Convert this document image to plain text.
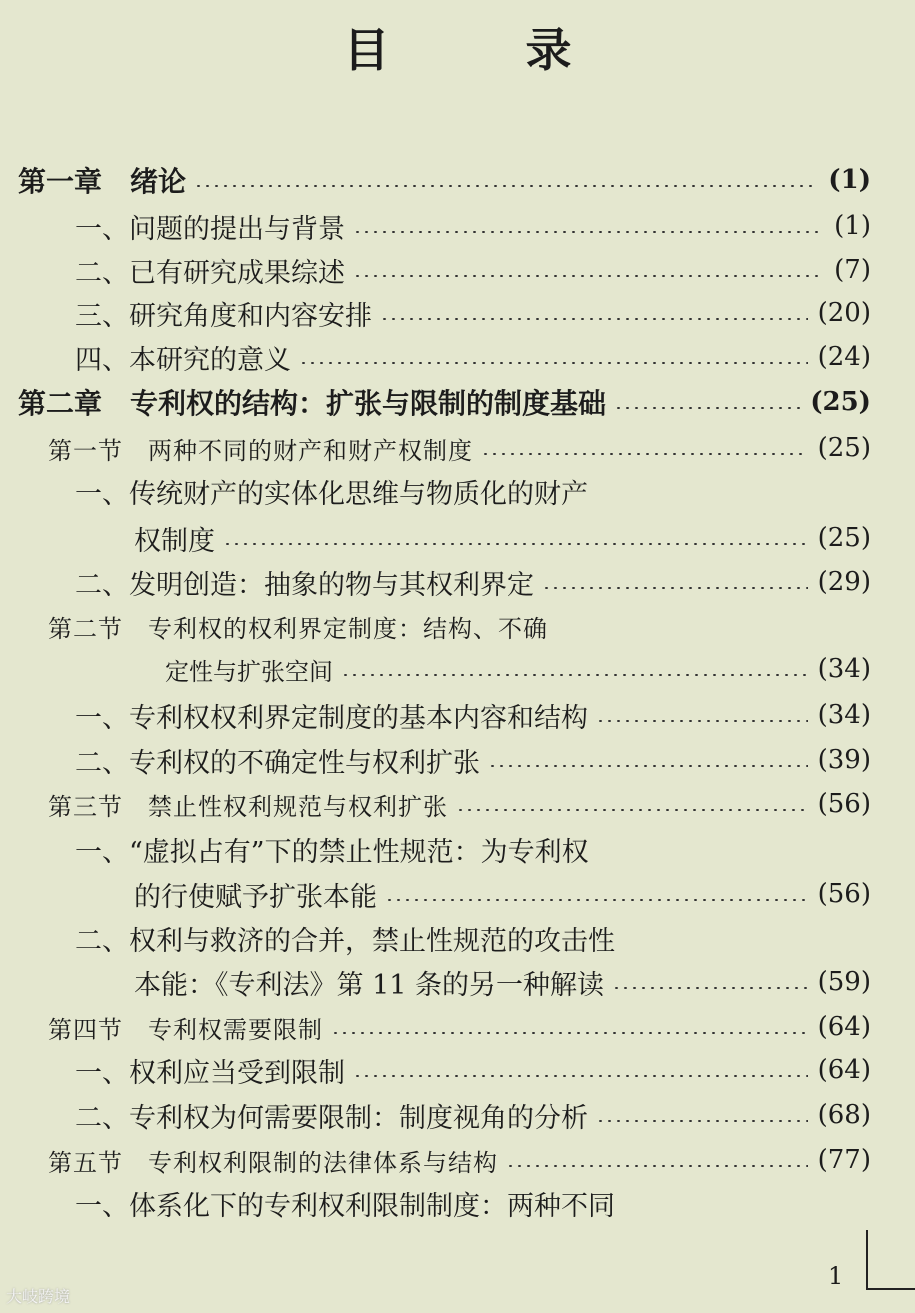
目 录
第一章　绪论	(1)
一、问题的提出与背景	(1)
二、已有研究成果综述	(7)
三、研究角度和内容安排	(20)
四、本研究的意义	(24)
第二章　专利权的结构：扩张与限制的制度基础	(25)
第一节　两种不同的财产和财产权制度	(25)
一、传统财产的实体化思维与物质化的财产
权制度	(25)
二、发明创造：抽象的物与其权利界定	(29)
第二节　专利权的权利界定制度：结构、不确
定性与扩张空间	(34)
一、专利权权利界定制度的基本内容和结构	(34)
二、专利权的不确定性与权利扩张	(39)
第三节　禁止性权利规范与权利扩张	(56)
一、“虚拟占有”下的禁止性规范：为专利权
的行使赋予扩张本能	(56)
二、权利与救济的合并，禁止性规范的攻击性
本能：《专利法》第 11 条的另一种解读	(59)
第四节　专利权需要限制	(64)
一、权利应当受到限制	(64)
二、专利权为何需要限制：制度视角的分析	(68)
第五节　专利权利限制的法律体系与结构	(77)
一、体系化下的专利权利限制制度：两种不同
1
大岐跨境
